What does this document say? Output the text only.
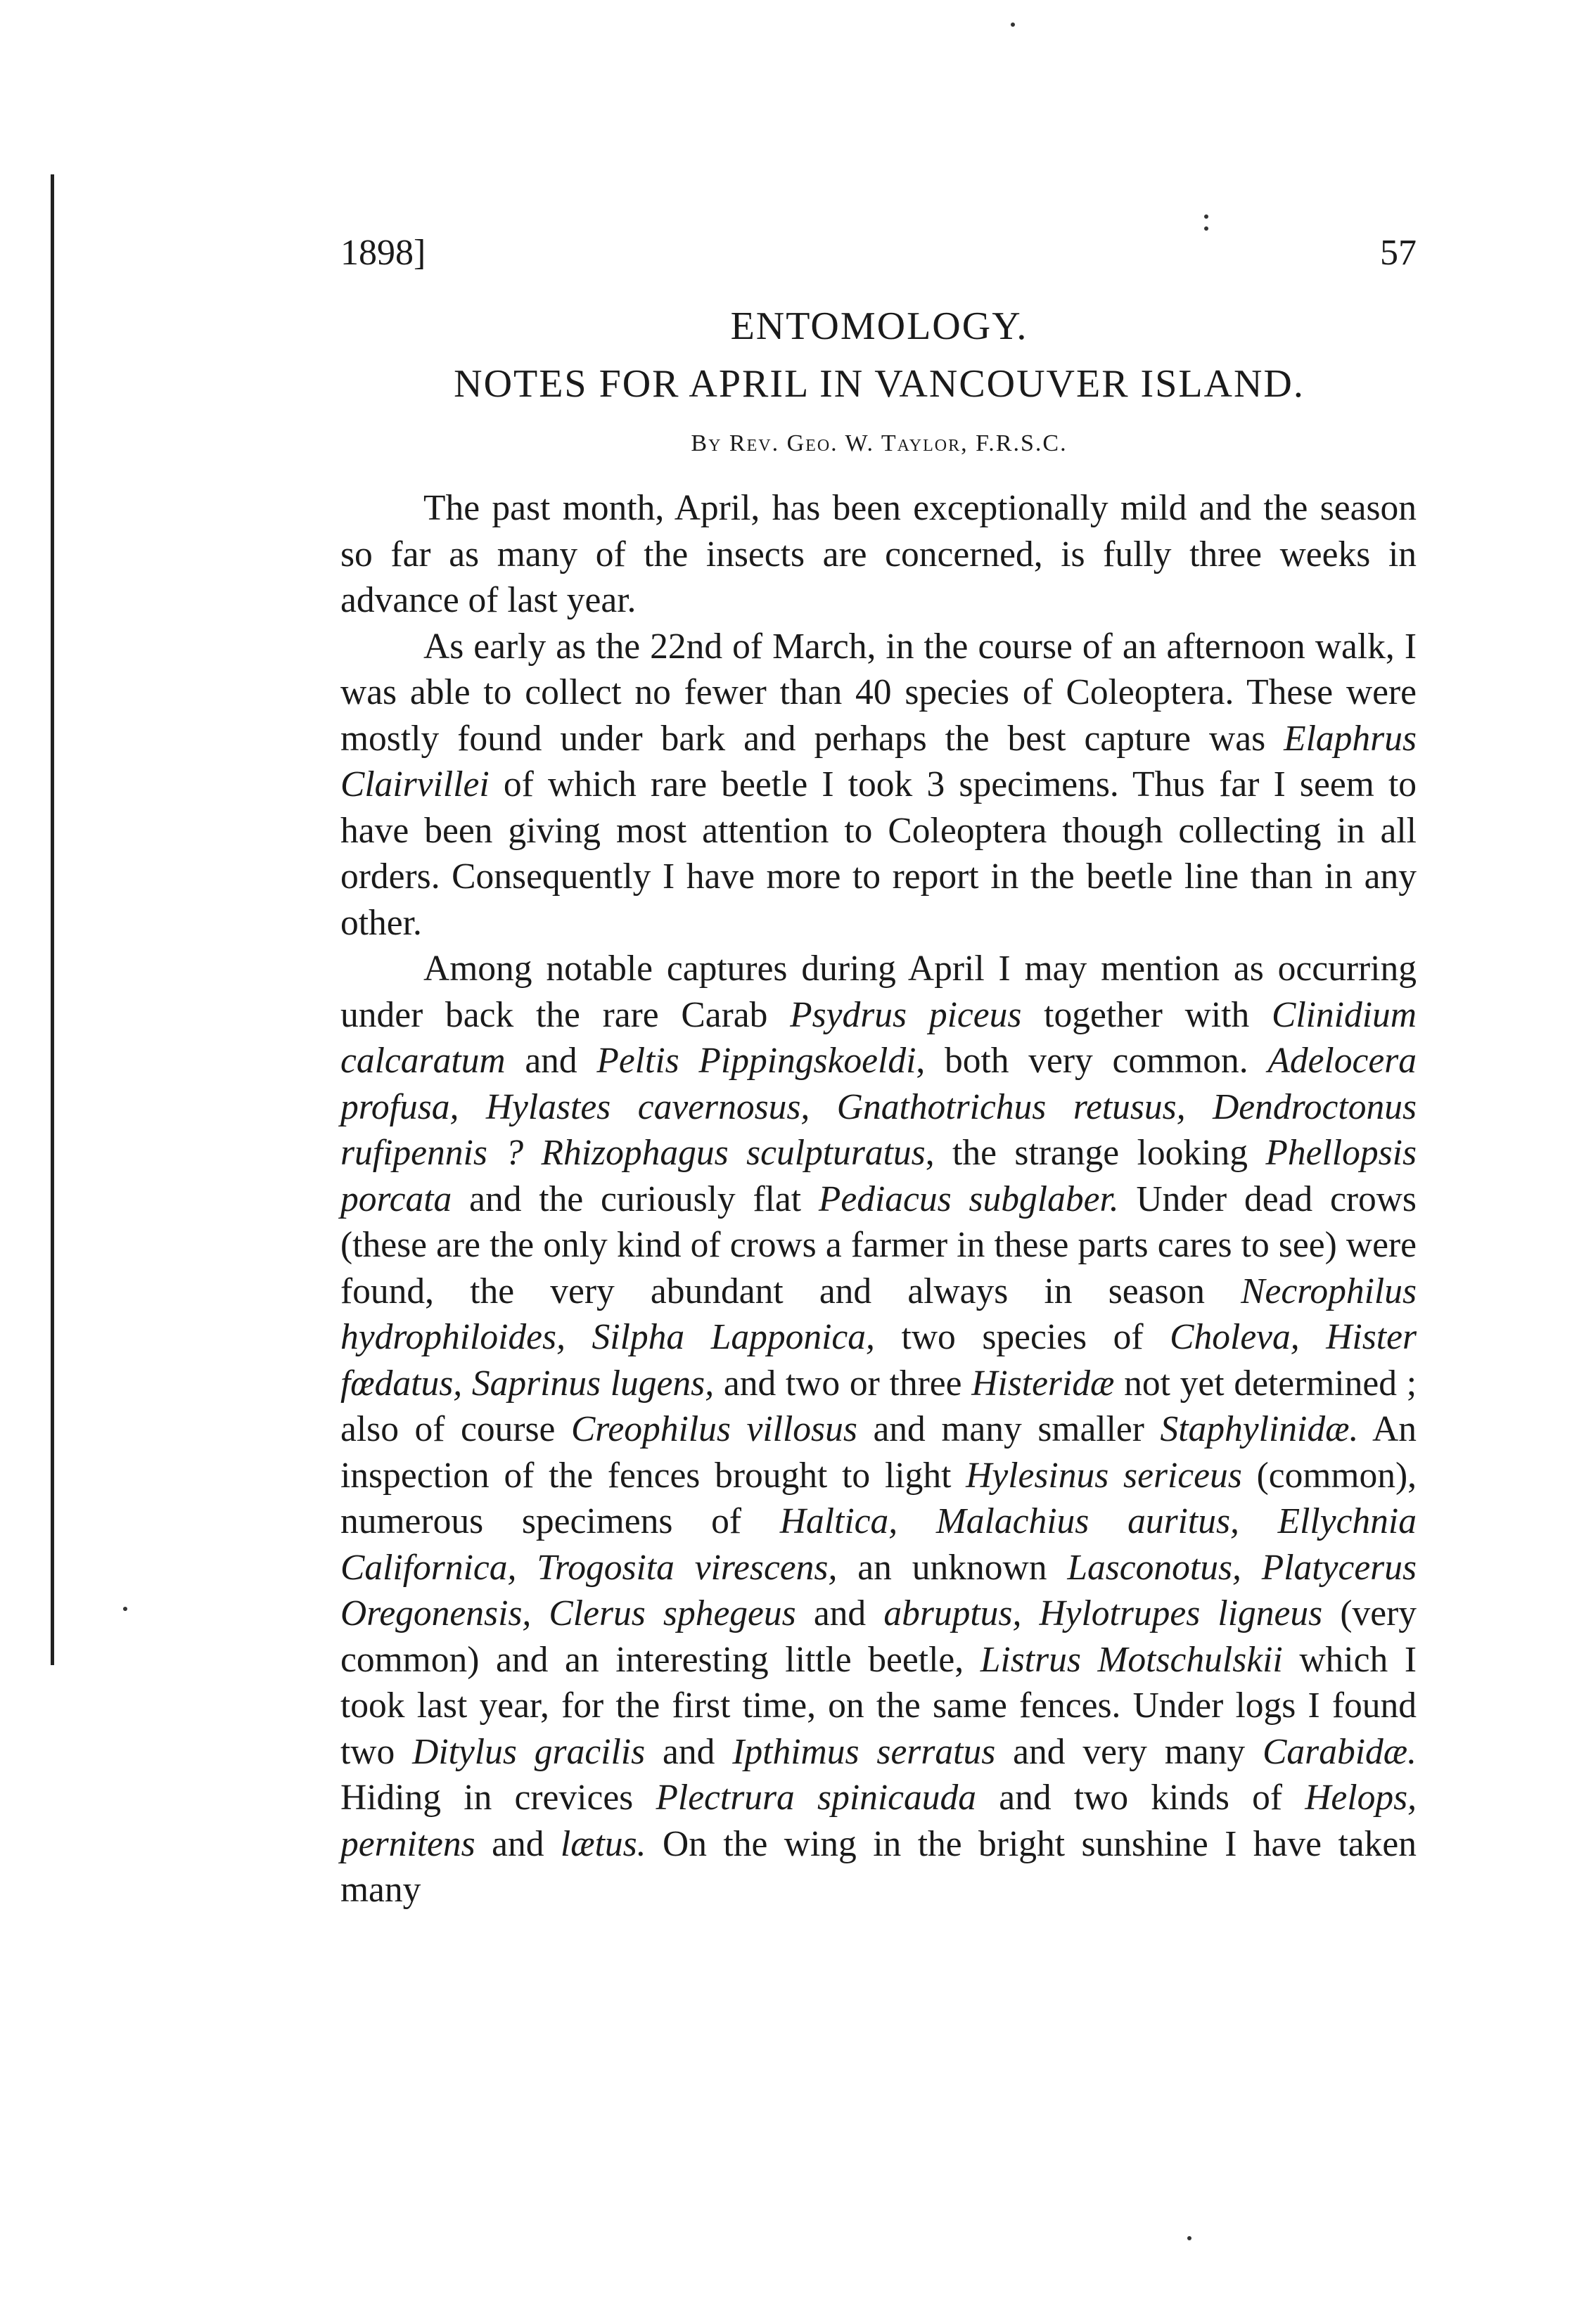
1898]	57
ENTOMOLOGY.
NOTES FOR APRIL IN VANCOUVER ISLAND.
By Rev. Geo. W. Taylor, F.R.S.C.

The past month, April, has been exceptionally mild and the season so far as many of the insects are concerned, is fully three weeks in advance of last year.

As early as the 22nd of March, in the course of an afternoon walk, I was able to collect no fewer than 40 species of Coleoptera. These were mostly found under bark and perhaps the best capture was Elaphrus Clairvillei of which rare beetle I took 3 specimens. Thus far I seem to have been giving most attention to Coleoptera though collecting in all orders. Consequently I have more to report in the beetle line than in any other.

Among notable captures during April I may mention as occurring under back the rare Carab Psydrus piceus together with Clinidium calcaratum and Peltis Pippingskoeldi, both very common. Adelocera profusa, Hylastes cavernosus, Gnathotrichus retusus, Dendroctonus rufipennis ? Rhizophagus sculpturatus, the strange looking Phellopsis porcata and the curiously flat Pediacus subglaber. Under dead crows (these are the only kind of crows a farmer in these parts cares to see) were found, the very abundant and always in season Necrophilus hydrophiloides, Silpha Lapponica, two species of Choleva, Hister fœdatus, Saprinus lugens, and two or three Histeridæ not yet determined ; also of course Creophilus villosus and many smaller Staphylinidæ. An inspection of the fences brought to light Hylesinus sericeus (common), numerous specimens of Haltica, Malachius auritus, Ellychnia Californica, Trogosita virescens, an unknown Lasconotus, Platycerus Oregonensis, Clerus sphegeus and abruptus, Hylotrupes ligneus (very common) and an interesting little beetle, Listrus Motschulskii which I took last year, for the first time, on the same fences. Under logs I found two Ditylus gracilis and Ipthimus serratus and very many Carabidæ. Hiding in crevices Plectrura spinicauda and two kinds of Helops, pernitens and lætus. On the wing in the bright sunshine I have taken many
